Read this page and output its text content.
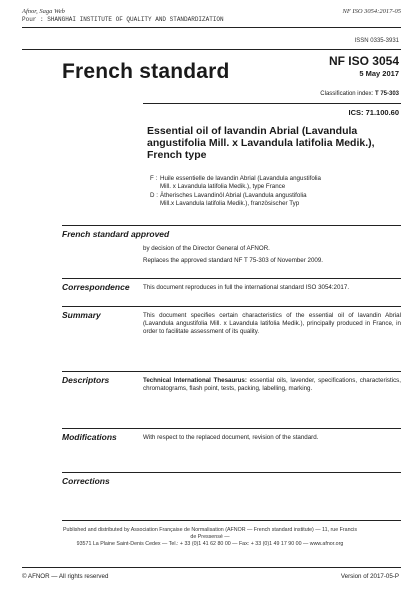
Afnor, Saga Web
Pour : SHANGHAI INSTITUTE OF QUALITY AND STANDARDIZATION
NF ISO 3054:2017-05
ISSN 0335-3931
French standard	NF ISO 3054
5 May 2017
Classification index: T 75-303
ICS: 71.100.60
Essential oil of lavandin Abrial (Lavandula angustifolia Mill. x Lavandula latifolia Medik.), French type
F : Huile essentielle de lavandin Abrial (Lavandula angustifolia
Mill. x Lavandula latifolia Medik.), type France
D : Ätherisches Lavandinöl Abrial (Lavandula angustifolia
Mill.x Lavandula latifolia Medik.), französischer Typ
French standard approved
by decision of the Director General of AFNOR.
Replaces the approved standard NF T 75-303 of November 2009.
Correspondence This document reproduces in full the international standard ISO 3054:2017.
Summary	This document specifies certain characteristics of the essential oil of lavandin Abrial (Lavandula angustifolia Mill. x Lavandula latifolia Medik.), principally produced in France, in order to facilitate assessment of its quality.
Descriptors	Technical International Thesaurus: essential oils, lavender, specifications, characteristics, chromatograms, flash point, tests, packing, labelling, marking.
Modifications	With respect to the replaced document, revision of the standard.
Corrections
Published and distributed by Association Française de Normalisation (AFNOR — French standard institute) — 11, rue Francis de Pressensé —
93571 La Plaine Saint-Denis Cedex — Tel.: + 33 (0)1 41 62 80 00 — Fax: + 33 (0)1 49 17 90 00 — www.afnor.org
© AFNOR — All rights reserved	Version of 2017-05-P
